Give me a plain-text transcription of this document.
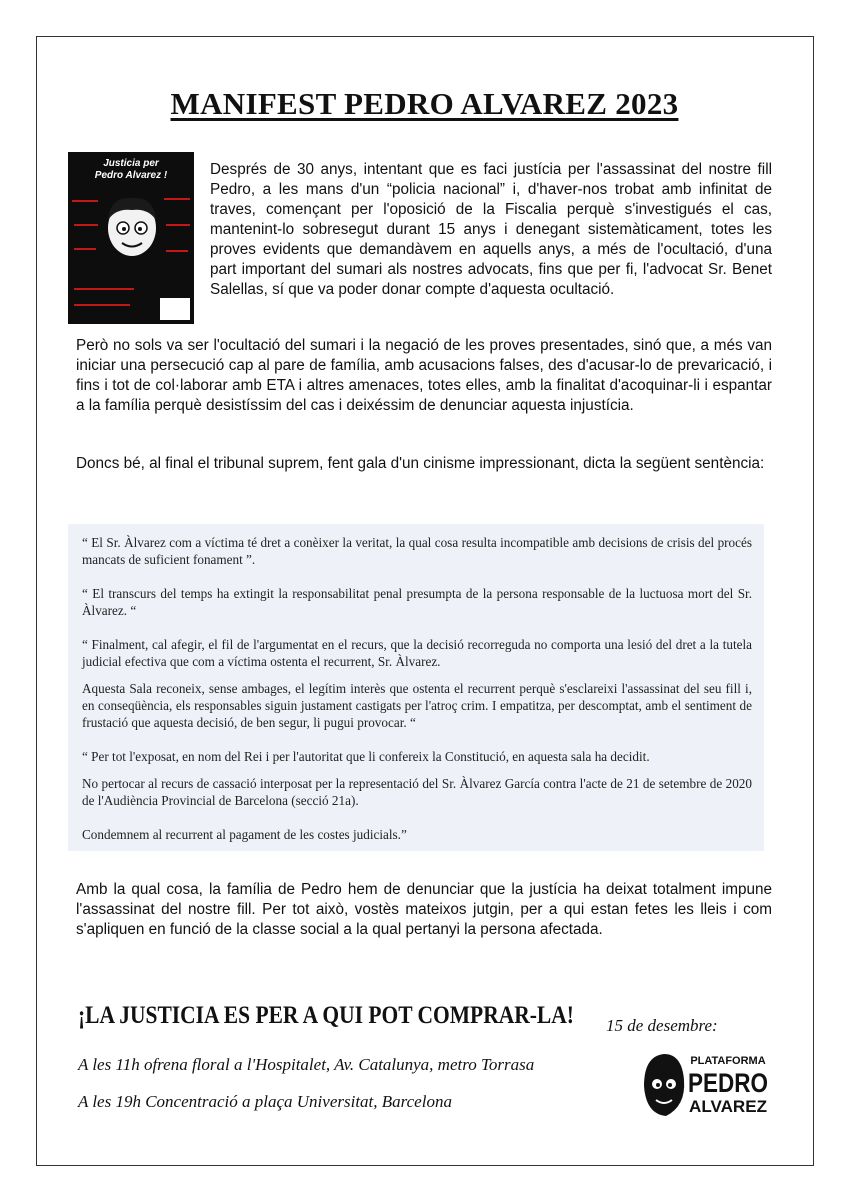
MANIFEST PEDRO ALVAREZ 2023
Justicia per
Pedro Alvarez !	Després de 30 anys, intentant que es faci justícia per l'assassinat del nostre fill Pedro, a les mans d'un “policia nacional” i, d'haver-nos trobat amb infinitat de traves, començant per l'oposició de la Fiscalia perquè s'investigués el cas, mantenint-lo sobresegut durant 15 anys i denegant sistemàticament, totes les proves evidents que demandàvem en aquells anys, a més de l'ocultació, d'una part important del sumari als nostres advocats, fins que per fi, l'advocat Sr. Benet Salellas, sí que va poder donar compte d'aquesta ocultació.

Però no sols va ser l'ocultació del sumari i la negació de les proves presentades, sinó que, a més van iniciar una persecució cap al pare de família, amb acusacions falses, des d'acusar-lo de prevaricació, i fins i tot de col·laborar amb ETA i altres amenaces, totes elles, amb la finalitat d'acoquinar-li i espantar a la família perquè desistíssim del cas i deixéssim de denunciar aquesta injustícia.

Doncs bé, al final el tribunal suprem, fent gala d'un cinisme impressionant, dicta la següent sentència:

“ El Sr. Àlvarez com a víctima té dret a conèixer la veritat, la qual cosa resulta incompatible amb decisions de crisis del procés mancats de suficient fonament ”.

“ El transcurs del temps ha extingit la responsabilitat penal presumpta de la persona responsable de la luctuosa mort del Sr. Àlvarez. “

“ Finalment, cal afegir, el fil de l'argumentat en el recurs, que la decisió recorreguda no comporta una lesió del dret a la tutela judicial efectiva que com a víctima ostenta el recurrent, Sr. Àlvarez.

Aquesta Sala reconeix, sense ambages, el legítim interès que ostenta el recurrent perquè s'esclareixi l'assassinat del seu fill i, en conseqüència, els responsables siguin justament castigats per l'atroç crim. I empatitza, per descomptat, amb el sentiment de frustació que aquesta decisió, de ben segur, li pugui provocar. “

“ Per tot l'exposat, en nom del Rei i per l'autoritat que li confereix la Constitució, en aquesta sala ha decidit.

No pertocar al recurs de cassació interposat per la representació del Sr. Àlvarez García contra l'acte de 21 de setembre de 2020 de l'Audiència Provincial de Barcelona (secció 21a).

Condemnem al recurrent al pagament de les costes judicials.”

Amb la qual cosa, la família de Pedro hem de denunciar que la justícia ha deixat totalment impune l'assassinat del nostre fill. Per tot això, vostès mateixos jutgin, per a qui estan fetes les lleis i com s'apliquen en funció de la classe social a la qual pertanyi la persona afectada.

¡LA JUSTICIA ES PER A QUI POT COMPRAR-LA! 15 de desembre:
A les 11h ofrena floral a l'Hospitalet, Av. Catalunya, metro Torrasa
A les 19h Concentració a plaça Universitat, Barcelona
PLATAFORMA
PEDRO
ALVAREZ
